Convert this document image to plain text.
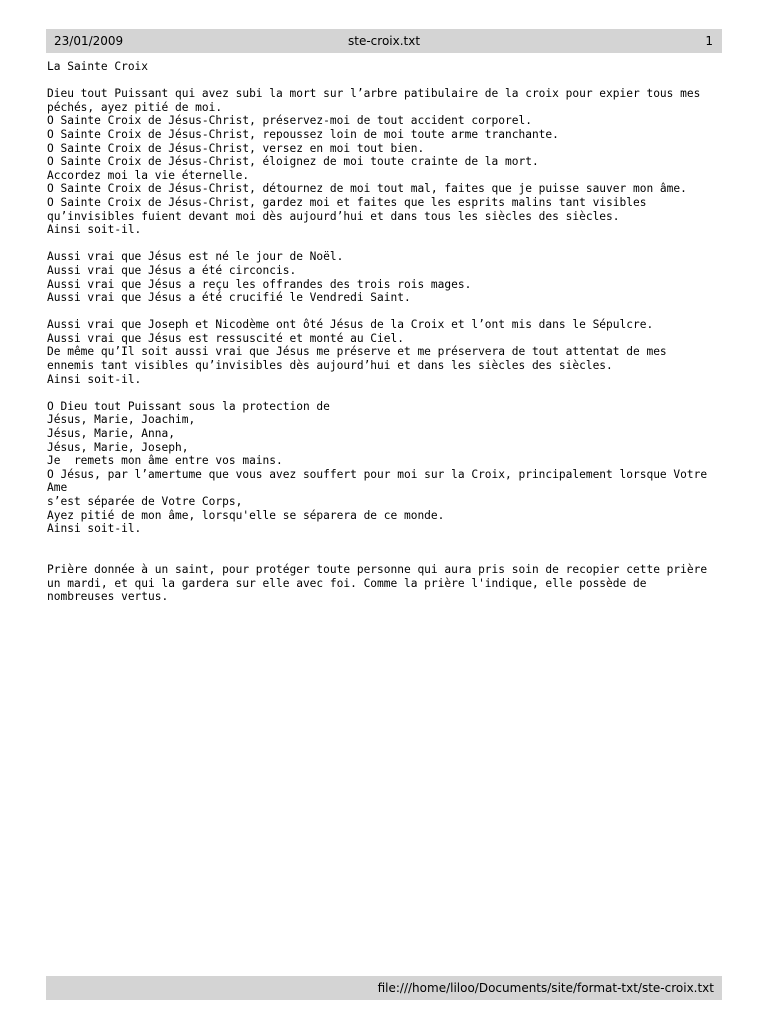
23/01/2009	ste-croix.txt	1
La Sainte Croix
Dieu tout Puissant qui avez subi la mort sur l’arbre patibulaire de la croix pour expier tous mes
péchés, ayez pitié de moi.
O Sainte Croix de Jésus-Christ, préservez-moi de tout accident corporel.
O Sainte Croix de Jésus-Christ, repoussez loin de moi toute arme tranchante.
O Sainte Croix de Jésus-Christ, versez en moi tout bien.
O Sainte Croix de Jésus-Christ, éloignez de moi toute crainte de la mort.
Accordez moi la vie éternelle.
O Sainte Croix de Jésus-Christ, détournez de moi tout mal, faites que je puisse sauver mon âme.
O Sainte Croix de Jésus-Christ, gardez moi et faites que les esprits malins tant visibles
qu’invisibles fuient devant moi dès aujourd’hui et dans tous les siècles des siècles.
Ainsi soit-il.
Aussi vrai que Jésus est né le jour de Noël.
Aussi vrai que Jésus a été circoncis.
Aussi vrai que Jésus a reçu les offrandes des trois rois mages.
Aussi vrai que Jésus a été crucifié le Vendredi Saint.
Aussi vrai que Joseph et Nicodème ont ôté Jésus de la Croix et l’ont mis dans le Sépulcre.
Aussi vrai que Jésus est ressuscité et monté au Ciel.
De même qu’Il soit aussi vrai que Jésus me préserve et me préservera de tout attentat de mes
ennemis tant visibles qu’invisibles dès aujourd’hui et dans les siècles des siècles.
Ainsi soit-il.
O Dieu tout Puissant sous la protection de
Jésus, Marie, Joachim,
Jésus, Marie, Anna,
Jésus, Marie, Joseph,
Je  remets mon âme entre vos mains.
O Jésus, par l’amertume que vous avez souffert pour moi sur la Croix, principalement lorsque Votre
Ame
s’est séparée de Votre Corps,
Ayez pitié de mon âme, lorsqu'elle se séparera de ce monde.
Ainsi soit-il.
Prière donnée à un saint, pour protéger toute personne qui aura pris soin de recopier cette prière
un mardi, et qui la gardera sur elle avec foi. Comme la prière l'indique, elle possède de
nombreuses vertus.
file:///home/liloo/Documents/site/format-txt/ste-croix.txt
